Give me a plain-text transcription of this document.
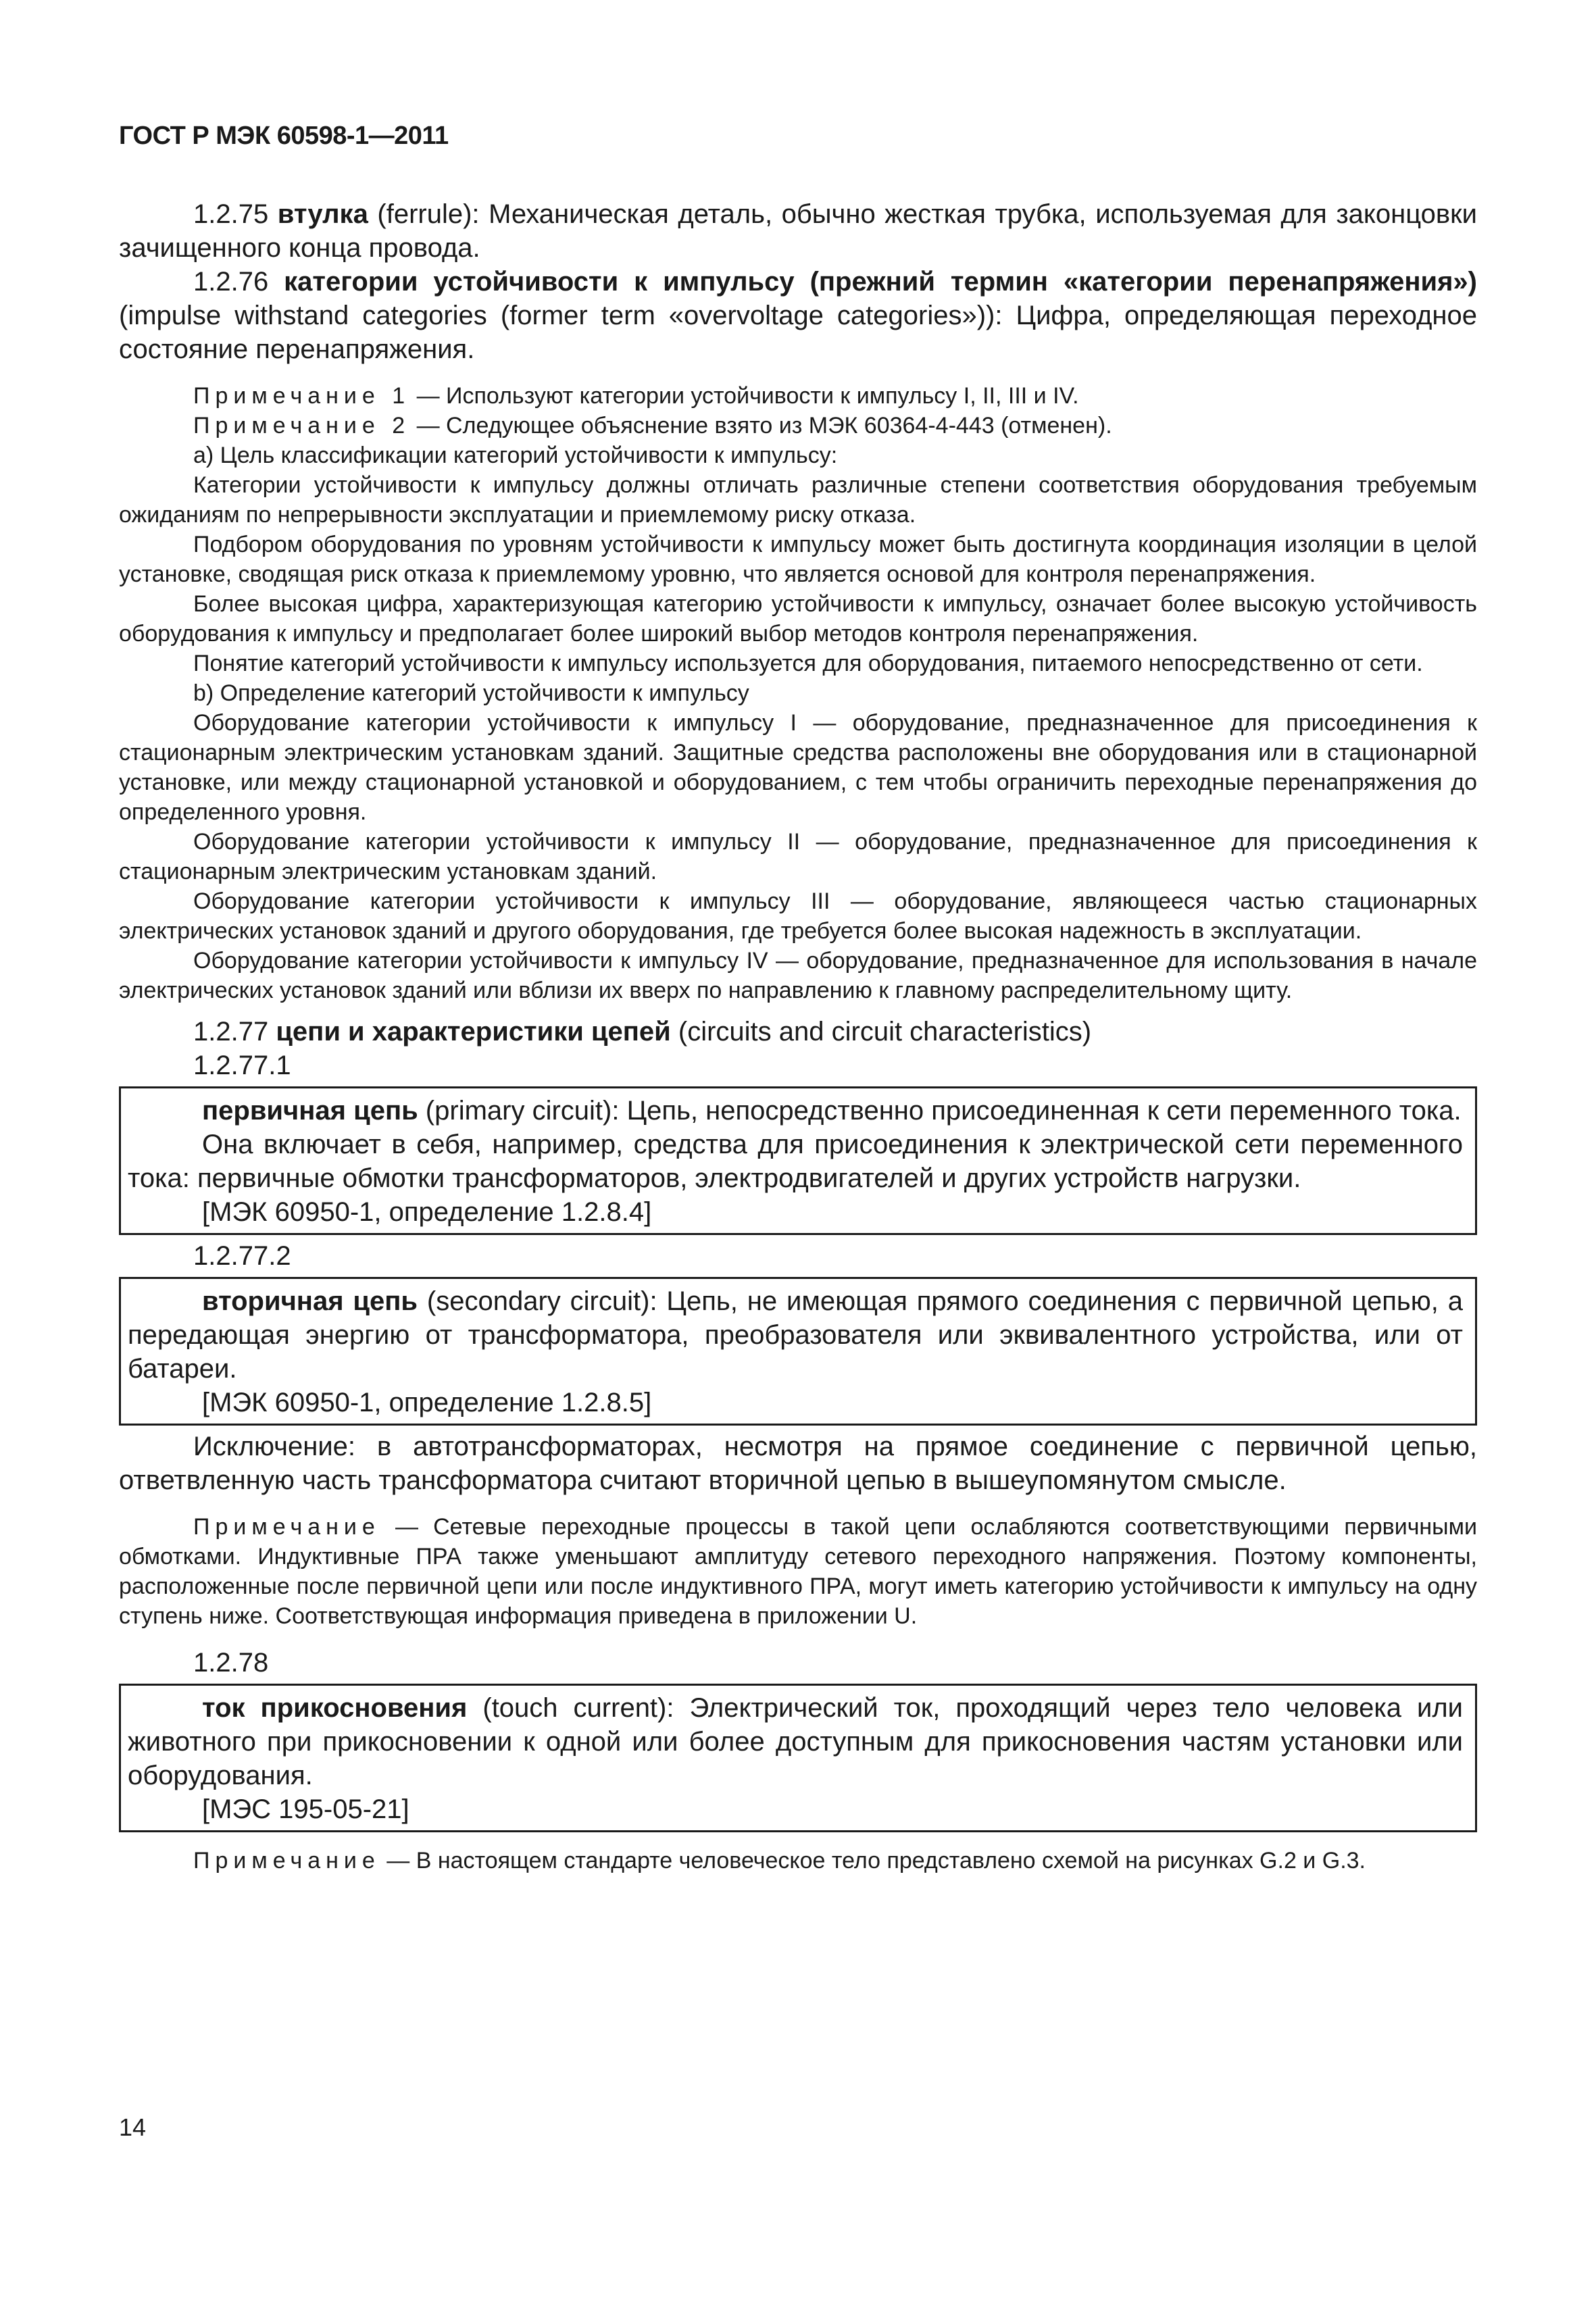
ГОСТ Р МЭК 60598-1—2011

1.2.75 втулка (ferrule): Механическая деталь, обычно жесткая трубка, используемая для законцовки зачищенного конца провода.

1.2.76 категории устойчивости к импульсу (прежний термин «категории перенапряжения») (impulse withstand categories (former term «overvoltage categories»)): Цифра, определяющая переходное состояние перенапряжения.

Примечание 1 — Используют категории устойчивости к импульсу I, II, III и IV.

Примечание 2 — Следующее объяснение взято из МЭК 60364-4-443 (отменен).

а) Цель классификации категорий устойчивости к импульсу:

Категории устойчивости к импульсу должны отличать различные степени соответствия оборудования требуемым ожиданиям по непрерывности эксплуатации и приемлемому риску отказа.

Подбором оборудования по уровням устойчивости к импульсу может быть достигнута координация изоляции в целой установке, сводящая риск отказа к приемлемому уровню, что является основой для контроля перенапряжения.

Более высокая цифра, характеризующая категорию устойчивости к импульсу, означает более высокую устойчивость оборудования к импульсу и предполагает более широкий выбор методов контроля перенапряжения.

Понятие категорий устойчивости к импульсу используется для оборудования, питаемого непосредственно от сети.

b) Определение категорий устойчивости к импульсу

Оборудование категории устойчивости к импульсу I — оборудование, предназначенное для присоединения к стационарным электрическим установкам зданий. Защитные средства расположены вне оборудования или в стационарной установке, или между стационарной установкой и оборудованием, с тем чтобы ограничить переходные перенапряжения до определенного уровня.

Оборудование категории устойчивости к импульсу II — оборудование, предназначенное для присоединения к стационарным электрическим установкам зданий.

Оборудование категории устойчивости к импульсу III — оборудование, являющееся частью стационарных электрических установок зданий и другого оборудования, где требуется более высокая надежность в эксплуатации.

Оборудование категории устойчивости к импульсу IV — оборудование, предназначенное для использования в начале электрических установок зданий или вблизи их вверх по направлению к главному распределительному щиту.

1.2.77 цепи и характеристики цепей (circuits and circuit characteristics)

1.2.77.1

первичная цепь (primary circuit): Цепь, непосредственно присоединенная к сети переменного тока.

Она включает в себя, например, средства для присоединения к электрической сети переменного тока: первичные обмотки трансформаторов, электродвигателей и других устройств нагрузки.

[МЭК 60950-1, определение 1.2.8.4]

1.2.77.2

вторичная цепь (secondary circuit): Цепь, не имеющая прямого соединения с первичной цепью, а передающая энергию от трансформатора, преобразователя или эквивалентного устройства, или от батареи.

[МЭК 60950-1, определение 1.2.8.5]

Исключение: в автотрансформаторах, несмотря на прямое соединение с первичной цепью, ответвленную часть трансформатора считают вторичной цепью в вышеупомянутом смысле.

Примечание — Сетевые переходные процессы в такой цепи ослабляются соответствующими первичными обмотками. Индуктивные ПРА также уменьшают амплитуду сетевого переходного напряжения. Поэтому компоненты, расположенные после первичной цепи или после индуктивного ПРА, могут иметь категорию устойчивости к импульсу на одну ступень ниже. Соответствующая информация приведена в приложении U.

1.2.78

ток прикосновения (touch current): Электрический ток, проходящий через тело человека или животного при прикосновении к одной или более доступным для прикосновения частям установки или оборудования.

[МЭС 195-05-21]

Примечание — В настоящем стандарте человеческое тело представлено схемой на рисунках G.2 и G.3.

14
